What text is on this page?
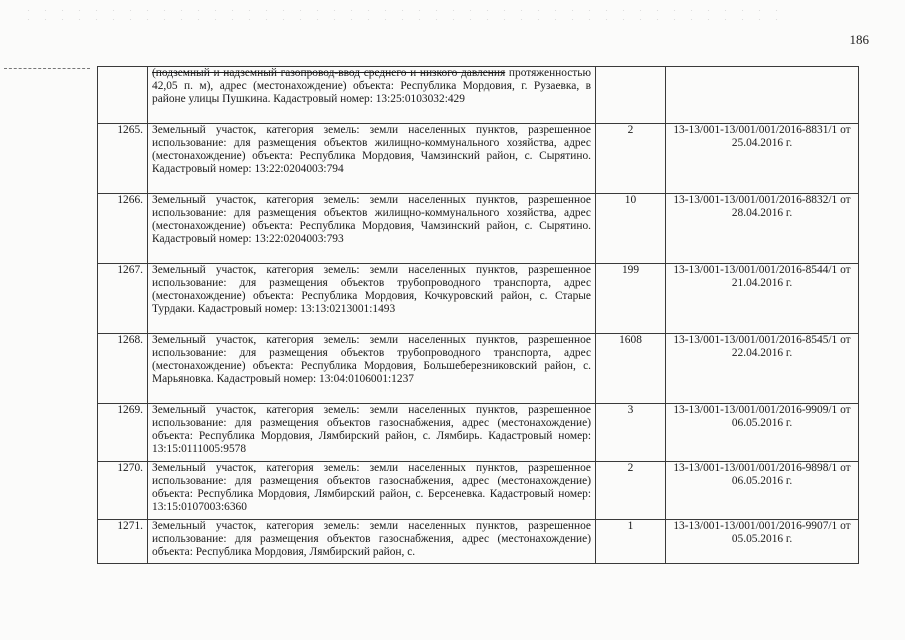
186
	(подземный и надземный газопровод-ввод среднего и низкого давления протяженностью 42,05 п. м), адрес (местонахождение) объекта: Республика Мордовия, г. Рузаевка, в районе улицы Пушкина. Кадастровый номер: 13:25:0103032:429		
1265.	Земельный участок, категория земель: земли населенных пунктов, разрешенное использование: для размещения объектов жилищно-коммунального хозяйства, адрес (местонахождение) объекта: Республика Мордовия, Чамзинский район, с. Сырятино. Кадастровый номер: 13:22:0204003:794	2	13-13/001-13/001/001/2016-8831/1 от 25.04.2016 г.
1266.	Земельный участок, категория земель: земли населенных пунктов, разрешенное использование: для размещения объектов жилищно-коммунального хозяйства, адрес (местонахождение) объекта: Республика Мордовия, Чамзинский район, с. Сырятино. Кадастровый номер: 13:22:0204003:793	10	13-13/001-13/001/001/2016-8832/1 от 28.04.2016 г.
1267.	Земельный участок, категория земель: земли населенных пунктов, разрешенное использование: для размещения объектов трубопроводного транспорта, адрес (местонахождение) объекта: Республика Мордовия, Кочкуровский район, с. Старые Турдаки. Кадастровый номер: 13:13:0213001:1493	199	13-13/001-13/001/001/2016-8544/1 от 21.04.2016 г.
1268.	Земельный участок, категория земель: земли населенных пунктов, разрешенное использование: для размещения объектов трубопроводного транспорта, адрес (местонахождение) объекта: Республика Мордовия, Большеберезниковский район, с. Марьяновка. Кадастровый номер: 13:04:0106001:1237	1608	13-13/001-13/001/001/2016-8545/1 от 22.04.2016 г.
1269.	Земельный участок, категория земель: земли населенных пунктов, разрешенное использование: для размещения объектов газоснабжения, адрес (местонахождение) объекта: Республика Мордовия, Лямбирский район, с. Лямбирь. Кадастровый номер: 13:15:0111005:9578	3	13-13/001-13/001/001/2016-9909/1 от 06.05.2016 г.
1270.	Земельный участок, категория земель: земли населенных пунктов, разрешенное использование: для размещения объектов газоснабжения, адрес (местонахождение) объекта: Республика Мордовия, Лямбирский район, с. Берсеневка. Кадастровый номер: 13:15:0107003:6360	2	13-13/001-13/001/001/2016-9898/1 от 06.05.2016 г.
1271.	Земельный участок, категория земель: земли населенных пунктов, разрешенное использование: для размещения объектов газоснабжения, адрес (местонахождение) объекта: Республика Мордовия, Лямбирский район, с.	1	13-13/001-13/001/001/2016-9907/1 от 05.05.2016 г.
